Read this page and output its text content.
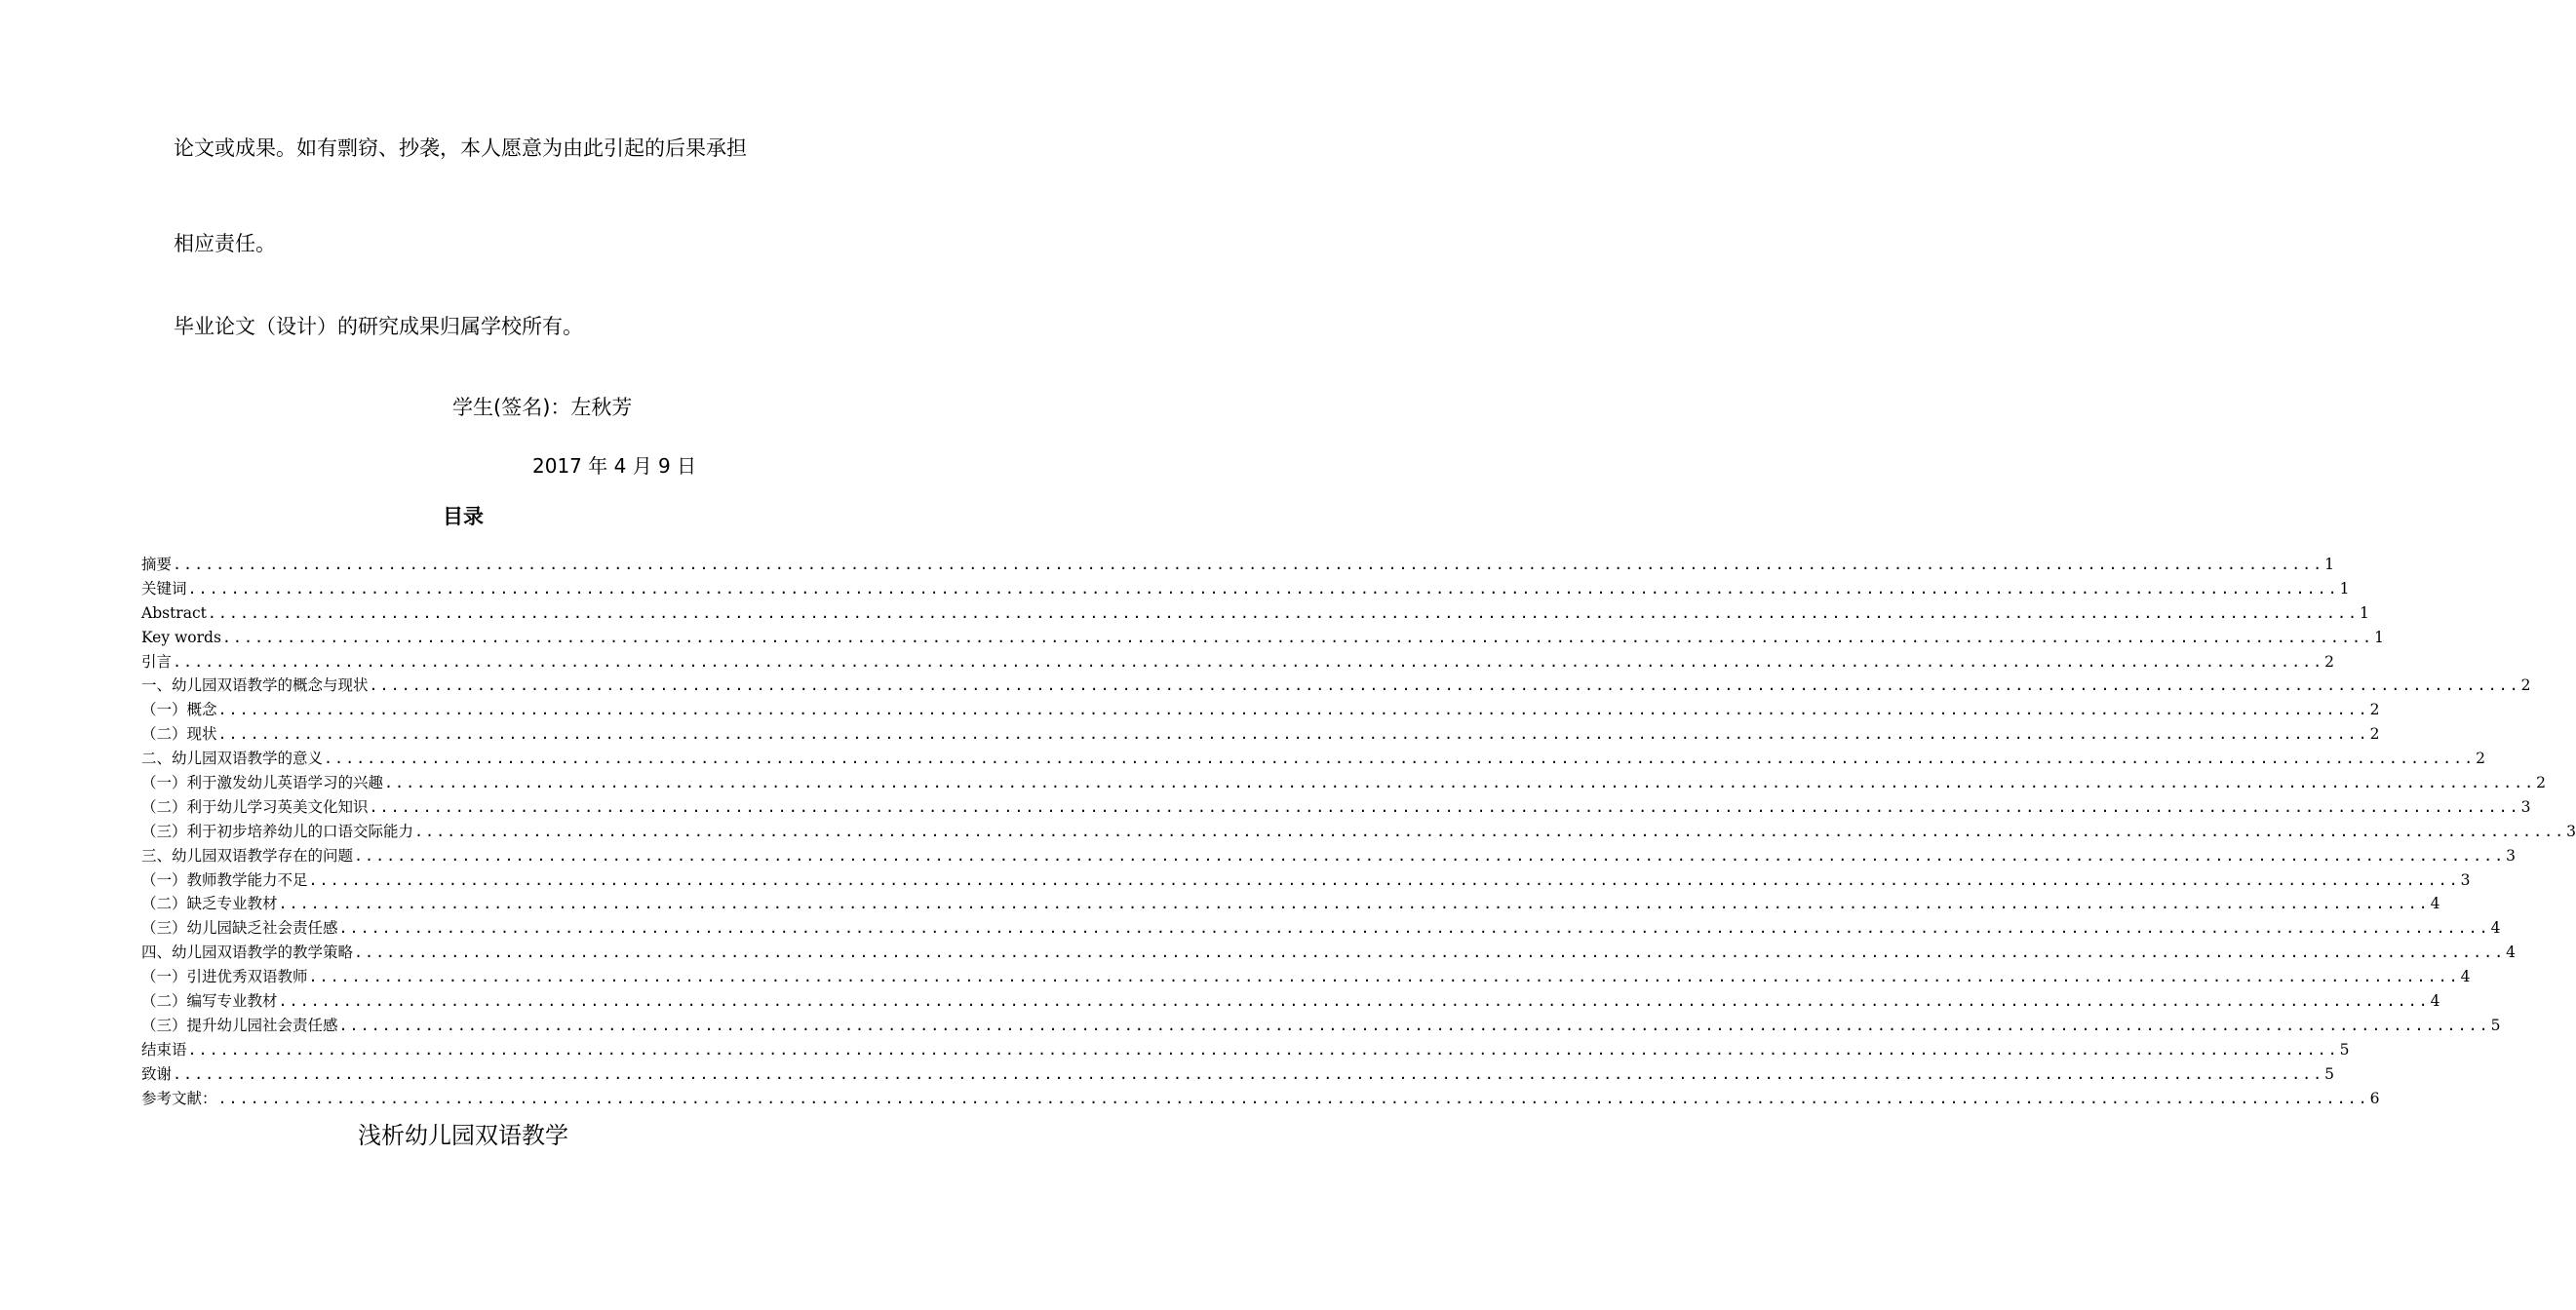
论文或成果。如有剽窃、抄袭，本人愿意为由此引起的后果承担
相应责任。
毕业论文（设计）的研究成果归属学校所有。
学生(签名)：左秋芳
2017 年 4 月 9 日
目录
摘要 ........................................................................................................................................................................................................ 1
关键词 ........................................................................................................................................................................................................ 1
Abstract ........................................................................................................................................................................................................ 1
Key words ........................................................................................................................................................................................................ 1
引言 ........................................................................................................................................................................................................ 2
一、幼儿园双语教学的概念与现状 ........................................................................................................................................................................................................ 2
（一）概念 ........................................................................................................................................................................................................ 2
（二）现状 ........................................................................................................................................................................................................ 2
二、幼儿园双语教学的意义 ........................................................................................................................................................................................................ 2
（一）利于激发幼儿英语学习的兴趣 ........................................................................................................................................................................................................ 2
（二）利于幼儿学习英美文化知识 ........................................................................................................................................................................................................ 3
（三）利于初步培养幼儿的口语交际能力 ........................................................................................................................................................................................................ 3
三、幼儿园双语教学存在的问题 ........................................................................................................................................................................................................ 3
（一）教师教学能力不足 ........................................................................................................................................................................................................ 3
（二）缺乏专业教材 ........................................................................................................................................................................................................ 4
（三）幼儿园缺乏社会责任感 ........................................................................................................................................................................................................ 4
四、幼儿园双语教学的教学策略 ........................................................................................................................................................................................................ 4
（一）引进优秀双语教师 ........................................................................................................................................................................................................ 4
（二）编写专业教材 ........................................................................................................................................................................................................ 4
（三）提升幼儿园社会责任感 ........................................................................................................................................................................................................ 5
结束语 ........................................................................................................................................................................................................ 5
致谢 ........................................................................................................................................................................................................ 5
参考文献： ........................................................................................................................................................................................................ 6
浅析幼儿园双语教学
